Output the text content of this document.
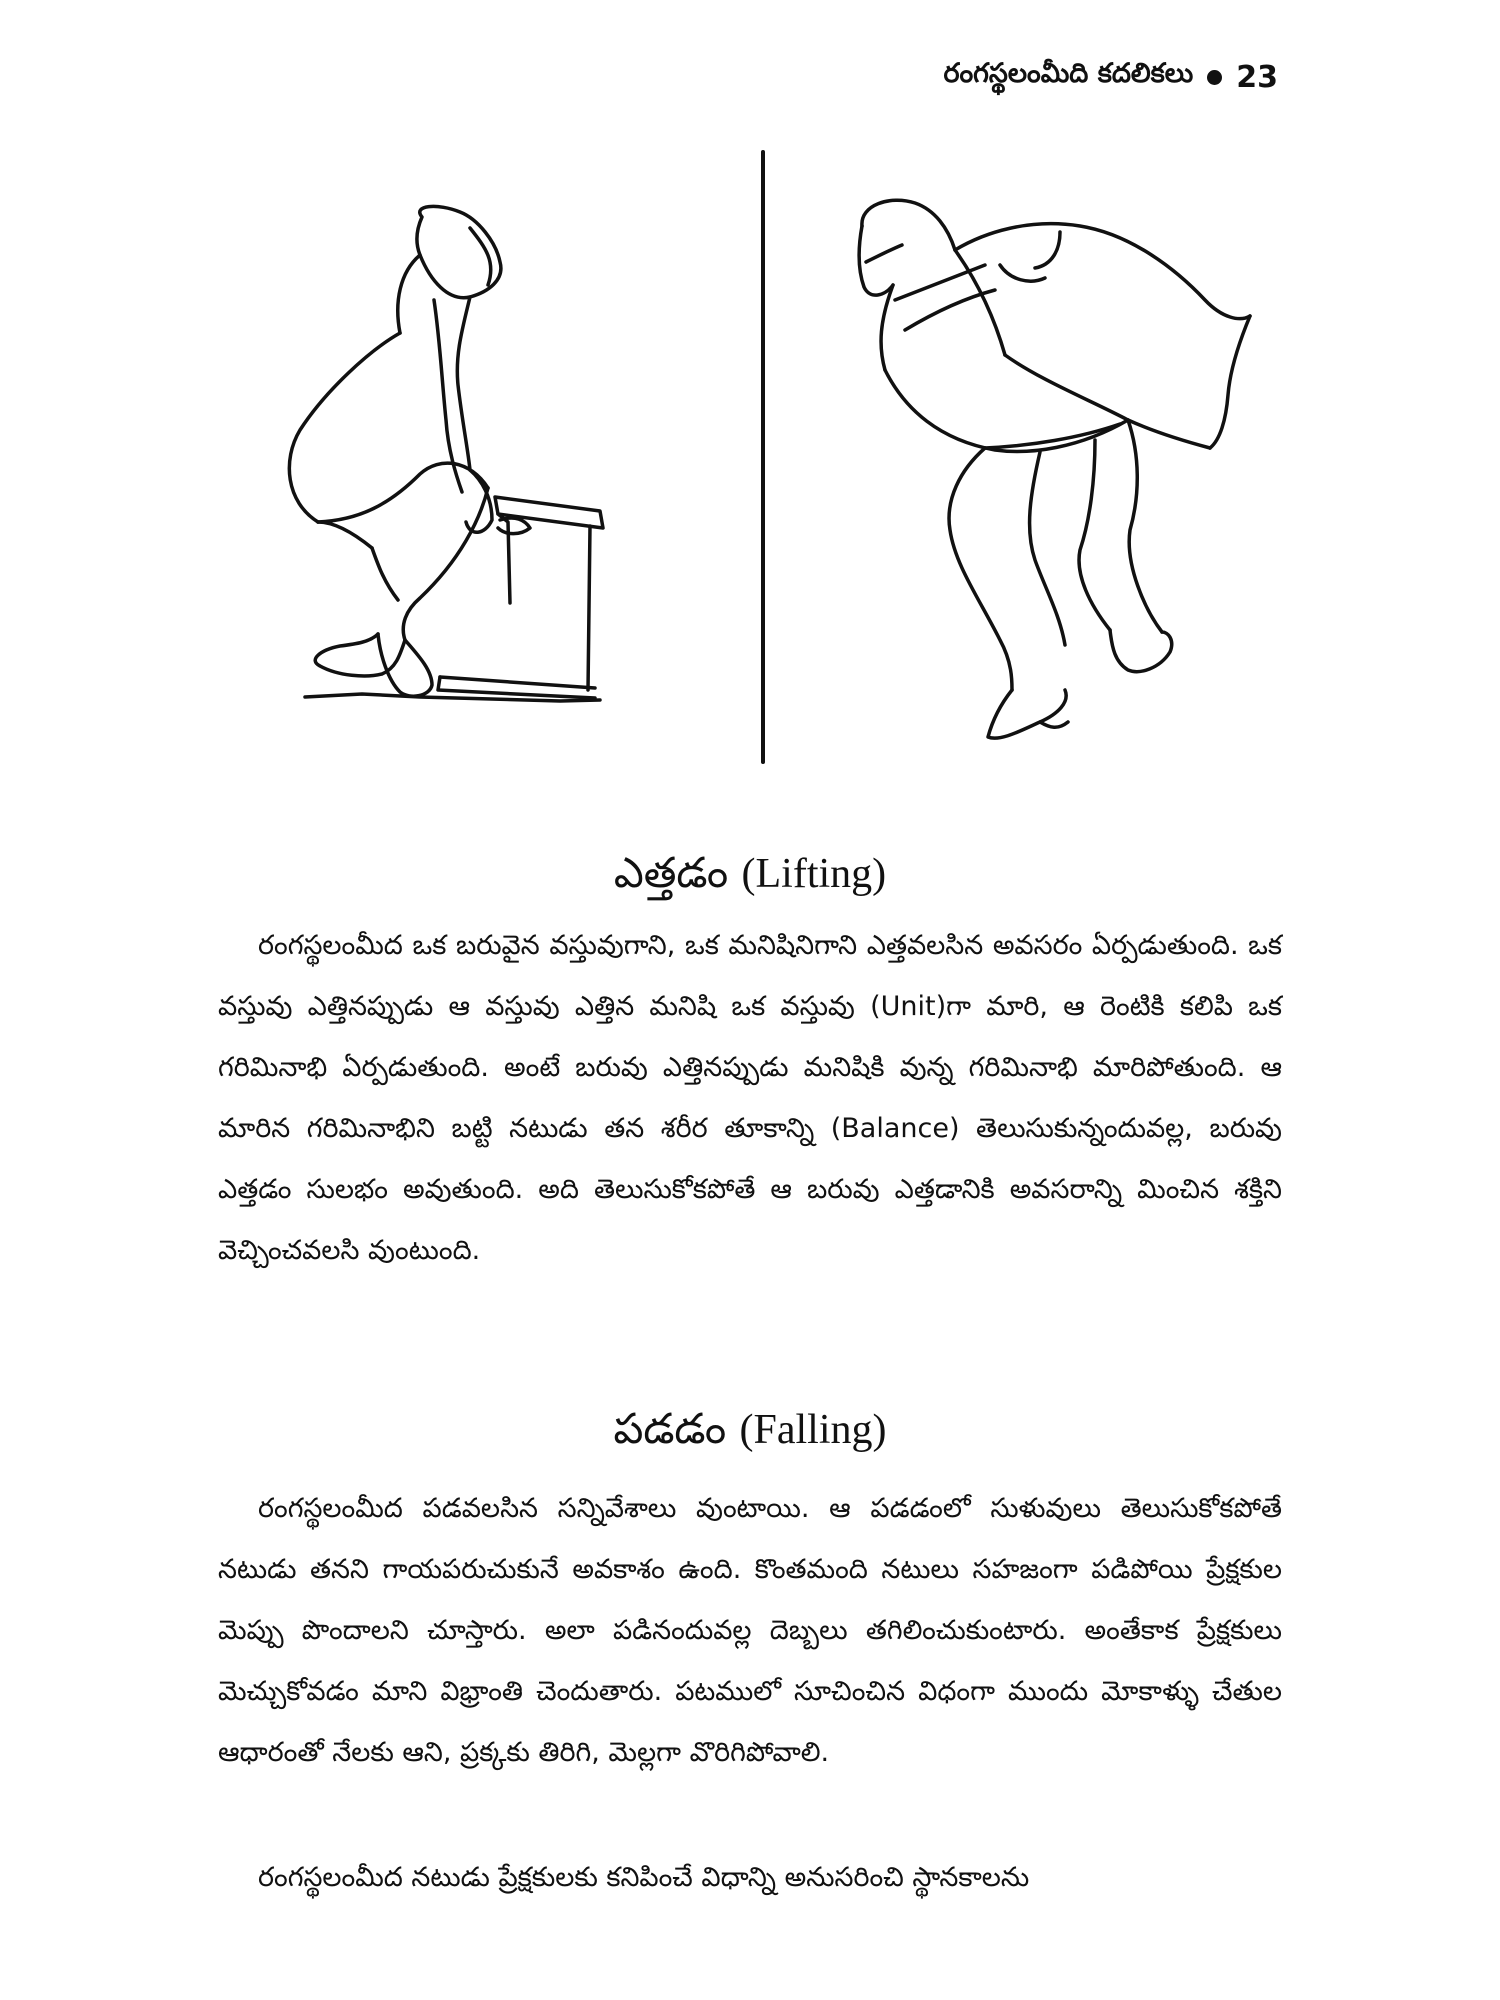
రంగస్థలంమీది కదలికలు 23
ఎత్తడం (Lifting)

రంగస్థలంమీద ఒక బరువైన వస్తువుగాని, ఒక మనిషినిగాని ఎత్తవలసిన అవసరం ఏర్పడుతుంది. ఒక వస్తువు ఎత్తినప్పుడు ఆ వస్తువు ఎత్తిన మనిషి ఒక వస్తువు (Unit)గా మారి, ఆ రెంటికి కలిపి ఒక గరిమినాభి ఏర్పడుతుంది. అంటే బరువు ఎత్తినప్పుడు మనిషికి వున్న గరిమినాభి మారిపోతుంది. ఆ మారిన గరిమినాభిని బట్టి నటుడు తన శరీర తూకాన్ని (Balance) తెలుసుకున్నందువల్ల, బరువు ఎత్తడం సులభం అవుతుంది. అది తెలుసుకోకపోతే ఆ బరువు ఎత్తడానికి అవసరాన్ని మించిన శక్తిని వెచ్చించవలసి వుంటుంది.

పడడం (Falling)

రంగస్థలంమీద పడవలసిన సన్నివేశాలు వుంటాయి. ఆ పడడంలో సుళువులు తెలుసుకోకపోతే నటుడు తనని గాయపరుచుకునే అవకాశం ఉంది. కొంతమంది నటులు సహజంగా పడిపోయి ప్రేక్షకుల మెప్పు పొందాలని చూస్తారు. అలా పడినందువల్ల దెబ్బలు తగిలించుకుంటారు. అంతేకాక ప్రేక్షకులు మెచ్చుకోవడం మాని విభ్రాంతి చెందుతారు. పటములో సూచించిన విధంగా ముందు మోకాళ్ళు చేతుల ఆధారంతో నేలకు ఆని, ప్రక్కకు తిరిగి, మెల్లగా వొరిగిపోవాలి.

రంగస్థలంమీద నటుడు ప్రేక్షకులకు కనిపించే విధాన్ని అనుసరించి స్థానకాలను
